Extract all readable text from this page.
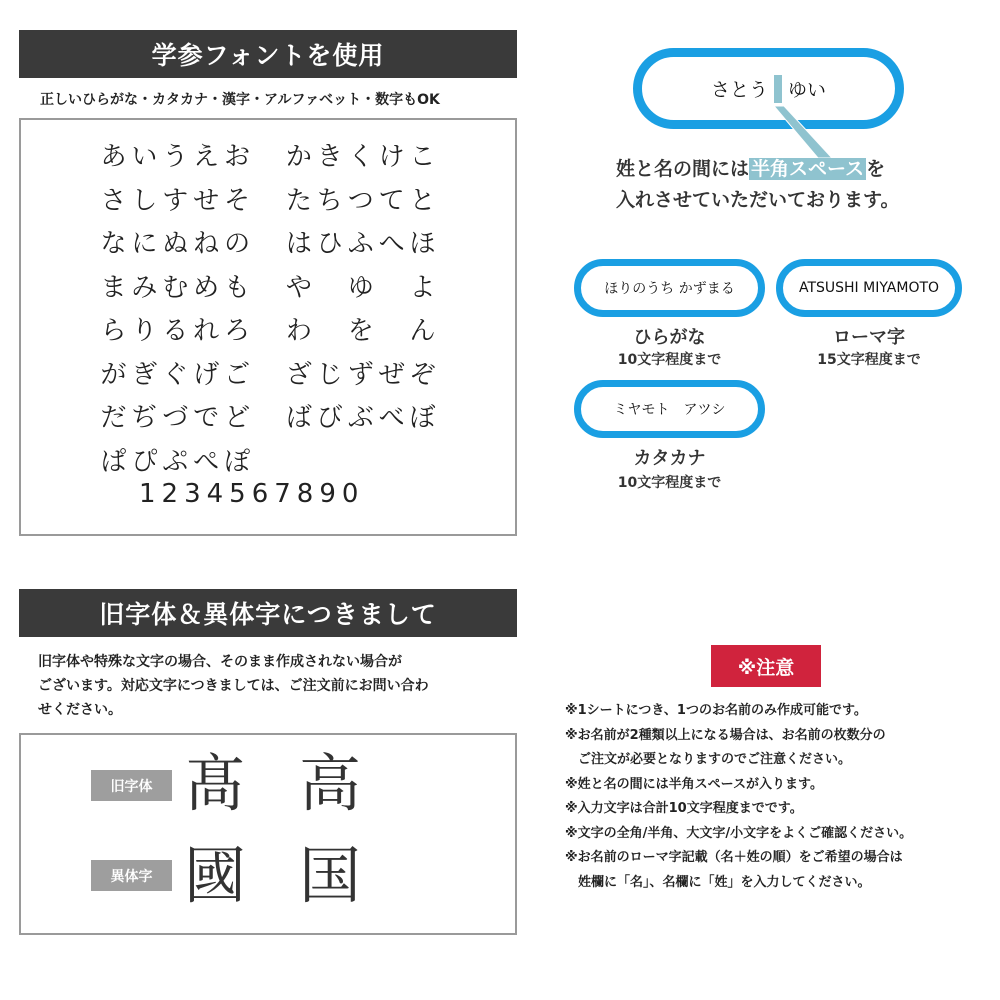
学参フォントを使用
正しいひらがな・カタカナ・漢字・アルファベット・数字もOK
あ い う え お か き く け こ
さ し す せ そ た ち つ て と
な に ぬ ね の は ひ ふ へ ほ
ま み む め も や ゆ よ
ら り る れ ろ わ を ん
が ぎ ぐ げ ご ざ じ ず ぜ ぞ
だ ぢ づ で ど ば び ぶ べ ぼ
ぱ ぴ ぷ ぺ ぽ
1234567890
さとう ゆい
姓と名の間には 半角スペース を
入れさせていただいております。
ほりのうち かずまる
ひらがな
10文字程度まで
ATSUSHI MIYAMOTO
ローマ字
15文字程度まで
ミヤモト　アツシ
カタカナ
10文字程度まで
旧字体＆異体字につきまして
旧字体や特殊な文字の場合、そのまま作成されない場合が
ございます。対応文字につきましては、ご注文前にお問い合わ
せください。
旧字体 髙 高
異体字 國 国
※注意
※1シートにつき、1つのお名前のみ作成可能です。
※お名前が2種類以上になる場合は、お名前の枚数分の
　ご注文が必要となりますのでご注意ください。
※姓と名の間には半角スペースが入ります。
※入力文字は合計10文字程度までです。
※文字の全角/半角、大文字/小文字をよくご確認ください。
※お名前のローマ字記載（名＋姓の順）をご希望の場合は
　姓欄に「名」、名欄に「姓」を入力してください。
